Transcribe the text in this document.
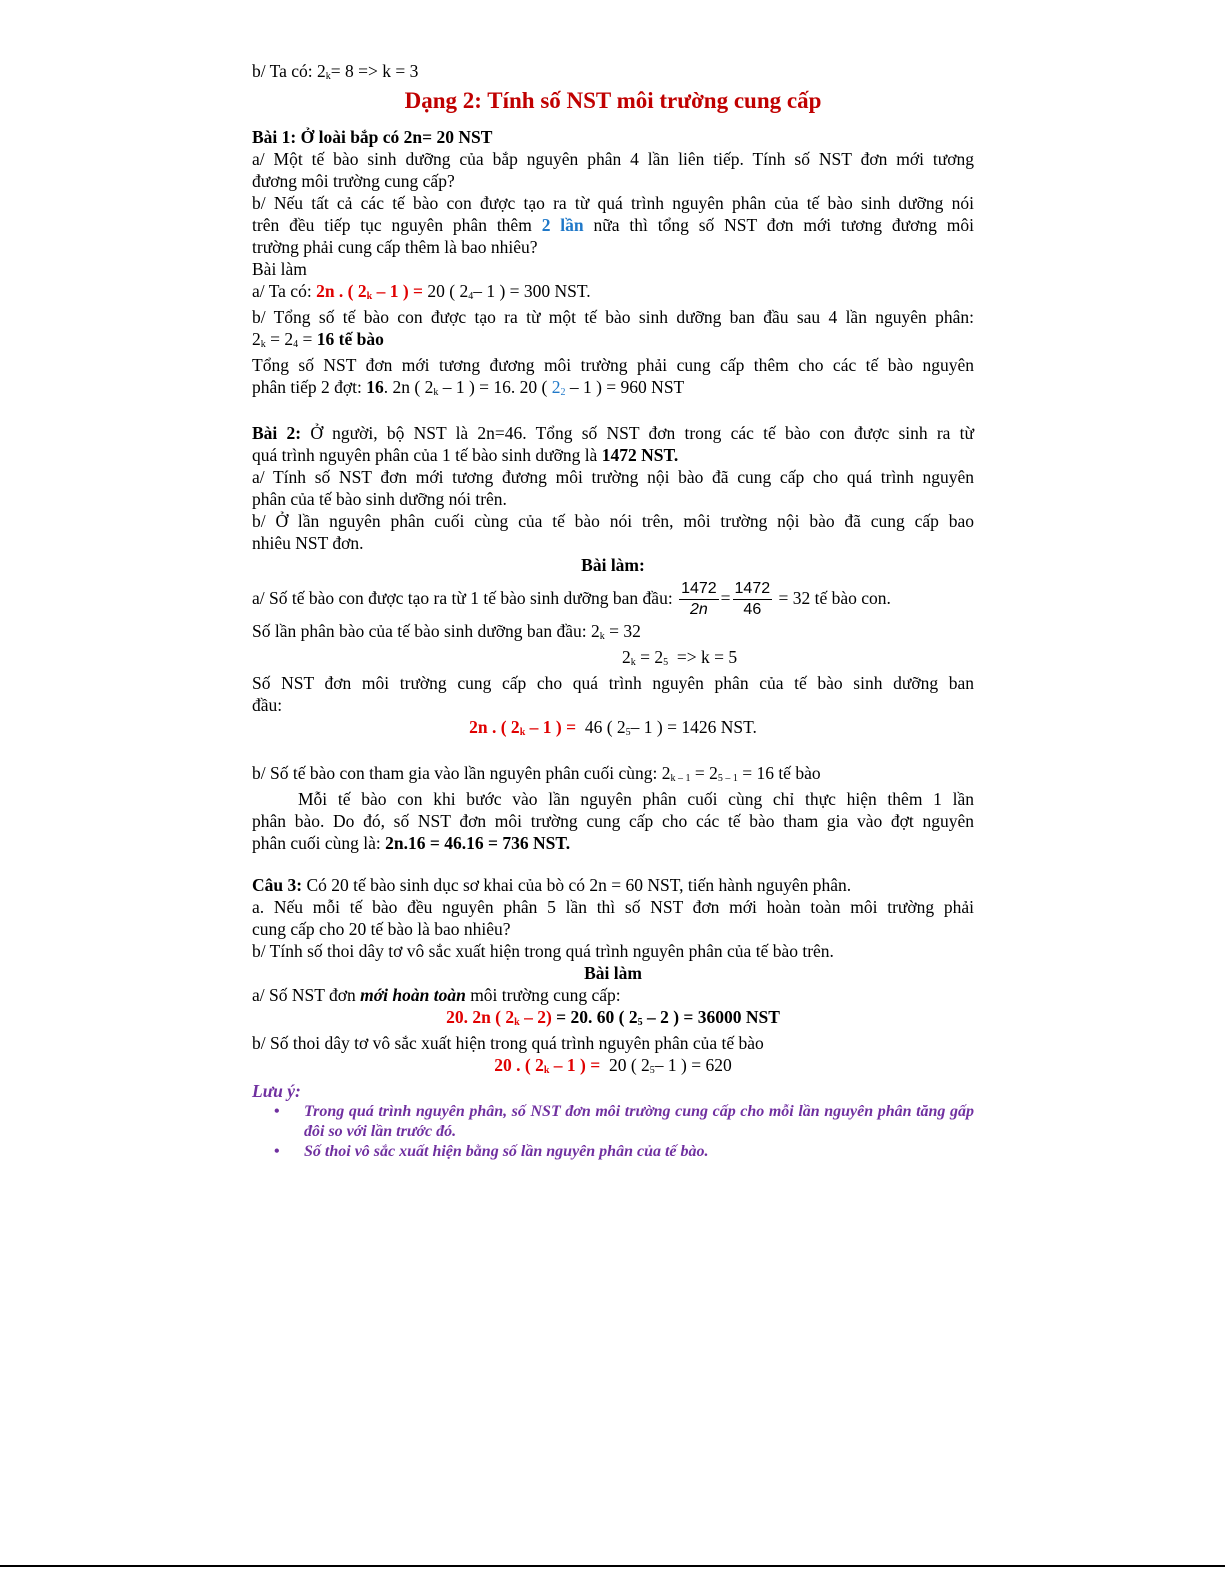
b/ Ta có: 2k= 8 => k = 3
Dạng 2: Tính số NST môi trường cung cấp
Bài 1: Ở loài bắp có 2n= 20 NST
a/ Một tế bào sinh dưỡng của bắp nguyên phân 4 lần liên tiếp. Tính số NST đơn mới tương
đương môi trường cung cấp?
b/ Nếu tất cả các tế bào con được tạo ra từ quá trình nguyên phân của tế bào sinh dưỡng nói
trên đều tiếp tục nguyên phân thêm 2 lần nữa thì tổng số NST đơn mới tương đương môi
trường phải cung cấp thêm là bao nhiêu?
Bài làm
a/ Ta có: 2n . ( 2k – 1 ) = 20 ( 24– 1 ) = 300 NST.
b/ Tổng số tế bào con được tạo ra từ một tế bào sinh dưỡng ban đầu sau 4 lần nguyên phân:
2k = 24 = 16 tế bào
Tổng số NST đơn mới tương đương môi trường phải cung cấp thêm cho các tế bào nguyên
phân tiếp 2 đợt: 16. 2n ( 2k – 1 ) = 16. 20 ( 22 – 1 ) = 960 NST
Bài 2: Ở người, bộ NST là 2n=46. Tổng số NST đơn trong các tế bào con được sinh ra từ
quá trình nguyên phân của 1 tế bào sinh dưỡng là 1472 NST.
a/ Tính số NST đơn mới tương đương môi trường nội bào đã cung cấp cho quá trình nguyên
phân của tế bào sinh dưỡng nói trên.
b/ Ở lần nguyên phân cuối cùng của tế bào nói trên, môi trường nội bào đã cung cấp bao
nhiêu NST đơn.
Bài làm:
a/ Số tế bào con được tạo ra từ 1 tế bào sinh dưỡng ban đầu: $\frac{1472}{2n} = \frac{1472}{46} = 32$ tế bào con.
Số lần phân bào của tế bào sinh dưỡng ban đầu: 2k = 32
2k = 25 => k = 5
Số NST đơn môi trường cung cấp cho quá trình nguyên phân của tế bào sinh dưỡng ban
đầu:
2n . ( 2k – 1 ) = 46 ( 25– 1 ) = 1426 NST.
b/ Số tế bào con tham gia vào lần nguyên phân cuối cùng: 2k – 1 = 25 – 1 = 16 tế bào
Mỗi tế bào con khi bước vào lần nguyên phân cuối cùng chỉ thực hiện thêm 1 lần
phân bào. Do đó, số NST đơn môi trường cung cấp cho các tế bào tham gia vào đợt nguyên
phân cuối cùng là: 2n.16 = 46.16 = 736 NST.
Câu 3: Có 20 tế bào sinh dục sơ khai của bò có 2n = 60 NST, tiến hành nguyên phân.
a. Nếu mỗi tế bào đều nguyên phân 5 lần thì số NST đơn mới hoàn toàn môi trường phải
cung cấp cho 20 tế bào là bao nhiêu?
b/ Tính số thoi dây tơ vô sắc xuất hiện trong quá trình nguyên phân của tế bào trên.
Bài làm
a/ Số NST đơn mới hoàn toàn môi trường cung cấp:
20. 2n ( 2k – 2) = 20. 60 ( 25 – 2 ) = 36000 NST
b/ Số thoi dây tơ vô sắc xuất hiện trong quá trình nguyên phân của tế bào
20 . ( 2k – 1 ) = 20 ( 25– 1 ) = 620
Lưu ý:
• Trong quá trình nguyên phân, số NST đơn môi trường cung cấp cho mỗi lần nguyên phân tăng gấp đôi so với lần trước đó.
• Số thoi vô sắc xuất hiện bằng số lần nguyên phân của tế bào.
